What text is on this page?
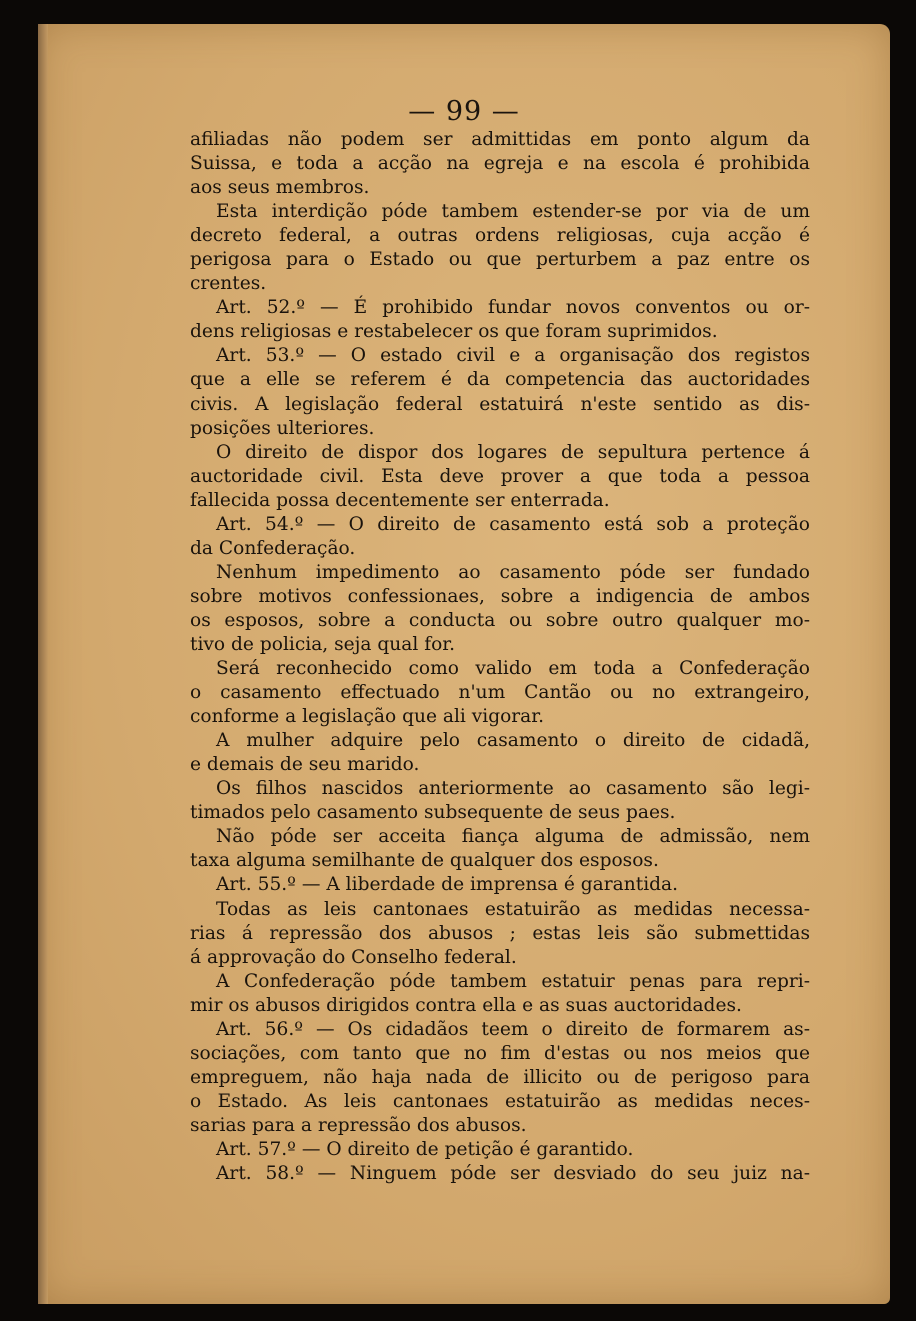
— 99 —
afiliadas não podem ser admittidas em ponto algum da
Suissa, e toda a acção na egreja e na escola é prohibida
aos seus membros.
Esta interdição póde tambem estender-se por via de um
decreto federal, a outras ordens religiosas, cuja acção é
perigosa para o Estado ou que perturbem a paz entre os
crentes.
Art. 52.º — É prohibido fundar novos conventos ou or-
dens religiosas e restabelecer os que foram suprimidos.
Art. 53.º — O estado civil e a organisação dos registos
que a elle se referem é da competencia das auctoridades
civis. A legislação federal estatuirá n'este sentido as dis-
posições ulteriores.
O direito de dispor dos logares de sepultura pertence á
auctoridade civil. Esta deve prover a que toda a pessoa
fallecida possa decentemente ser enterrada.
Art. 54.º — O direito de casamento está sob a proteção
da Confederação.
Nenhum impedimento ao casamento póde ser fundado
sobre motivos confessionaes, sobre a indigencia de ambos
os esposos, sobre a conducta ou sobre outro qualquer mo-
tivo de policia, seja qual for.
Será reconhecido como valido em toda a Confederação
o casamento effectuado n'um Cantão ou no extrangeiro,
conforme a legislação que ali vigorar.
A mulher adquire pelo casamento o direito de cidadã,
e demais de seu marido.
Os filhos nascidos anteriormente ao casamento são legi-
timados pelo casamento subsequente de seus paes.
Não póde ser acceita fiança alguma de admissão, nem
taxa alguma semilhante de qualquer dos esposos.
Art. 55.º — A liberdade de imprensa é garantida.
Todas as leis cantonaes estatuirão as medidas necessa-
rias á repressão dos abusos ; estas leis são submettidas
á approvação do Conselho federal.
A Confederação póde tambem estatuir penas para repri-
mir os abusos dirigidos contra ella e as suas auctoridades.
Art. 56.º — Os cidadãos teem o direito de formarem as-
sociações, com tanto que no fim d'estas ou nos meios que
empreguem, não haja nada de illicito ou de perigoso para
o Estado. As leis cantonaes estatuirão as medidas neces-
sarias para a repressão dos abusos.
Art. 57.º — O direito de petição é garantido.
Art. 58.º — Ninguem póde ser desviado do seu juiz na-
